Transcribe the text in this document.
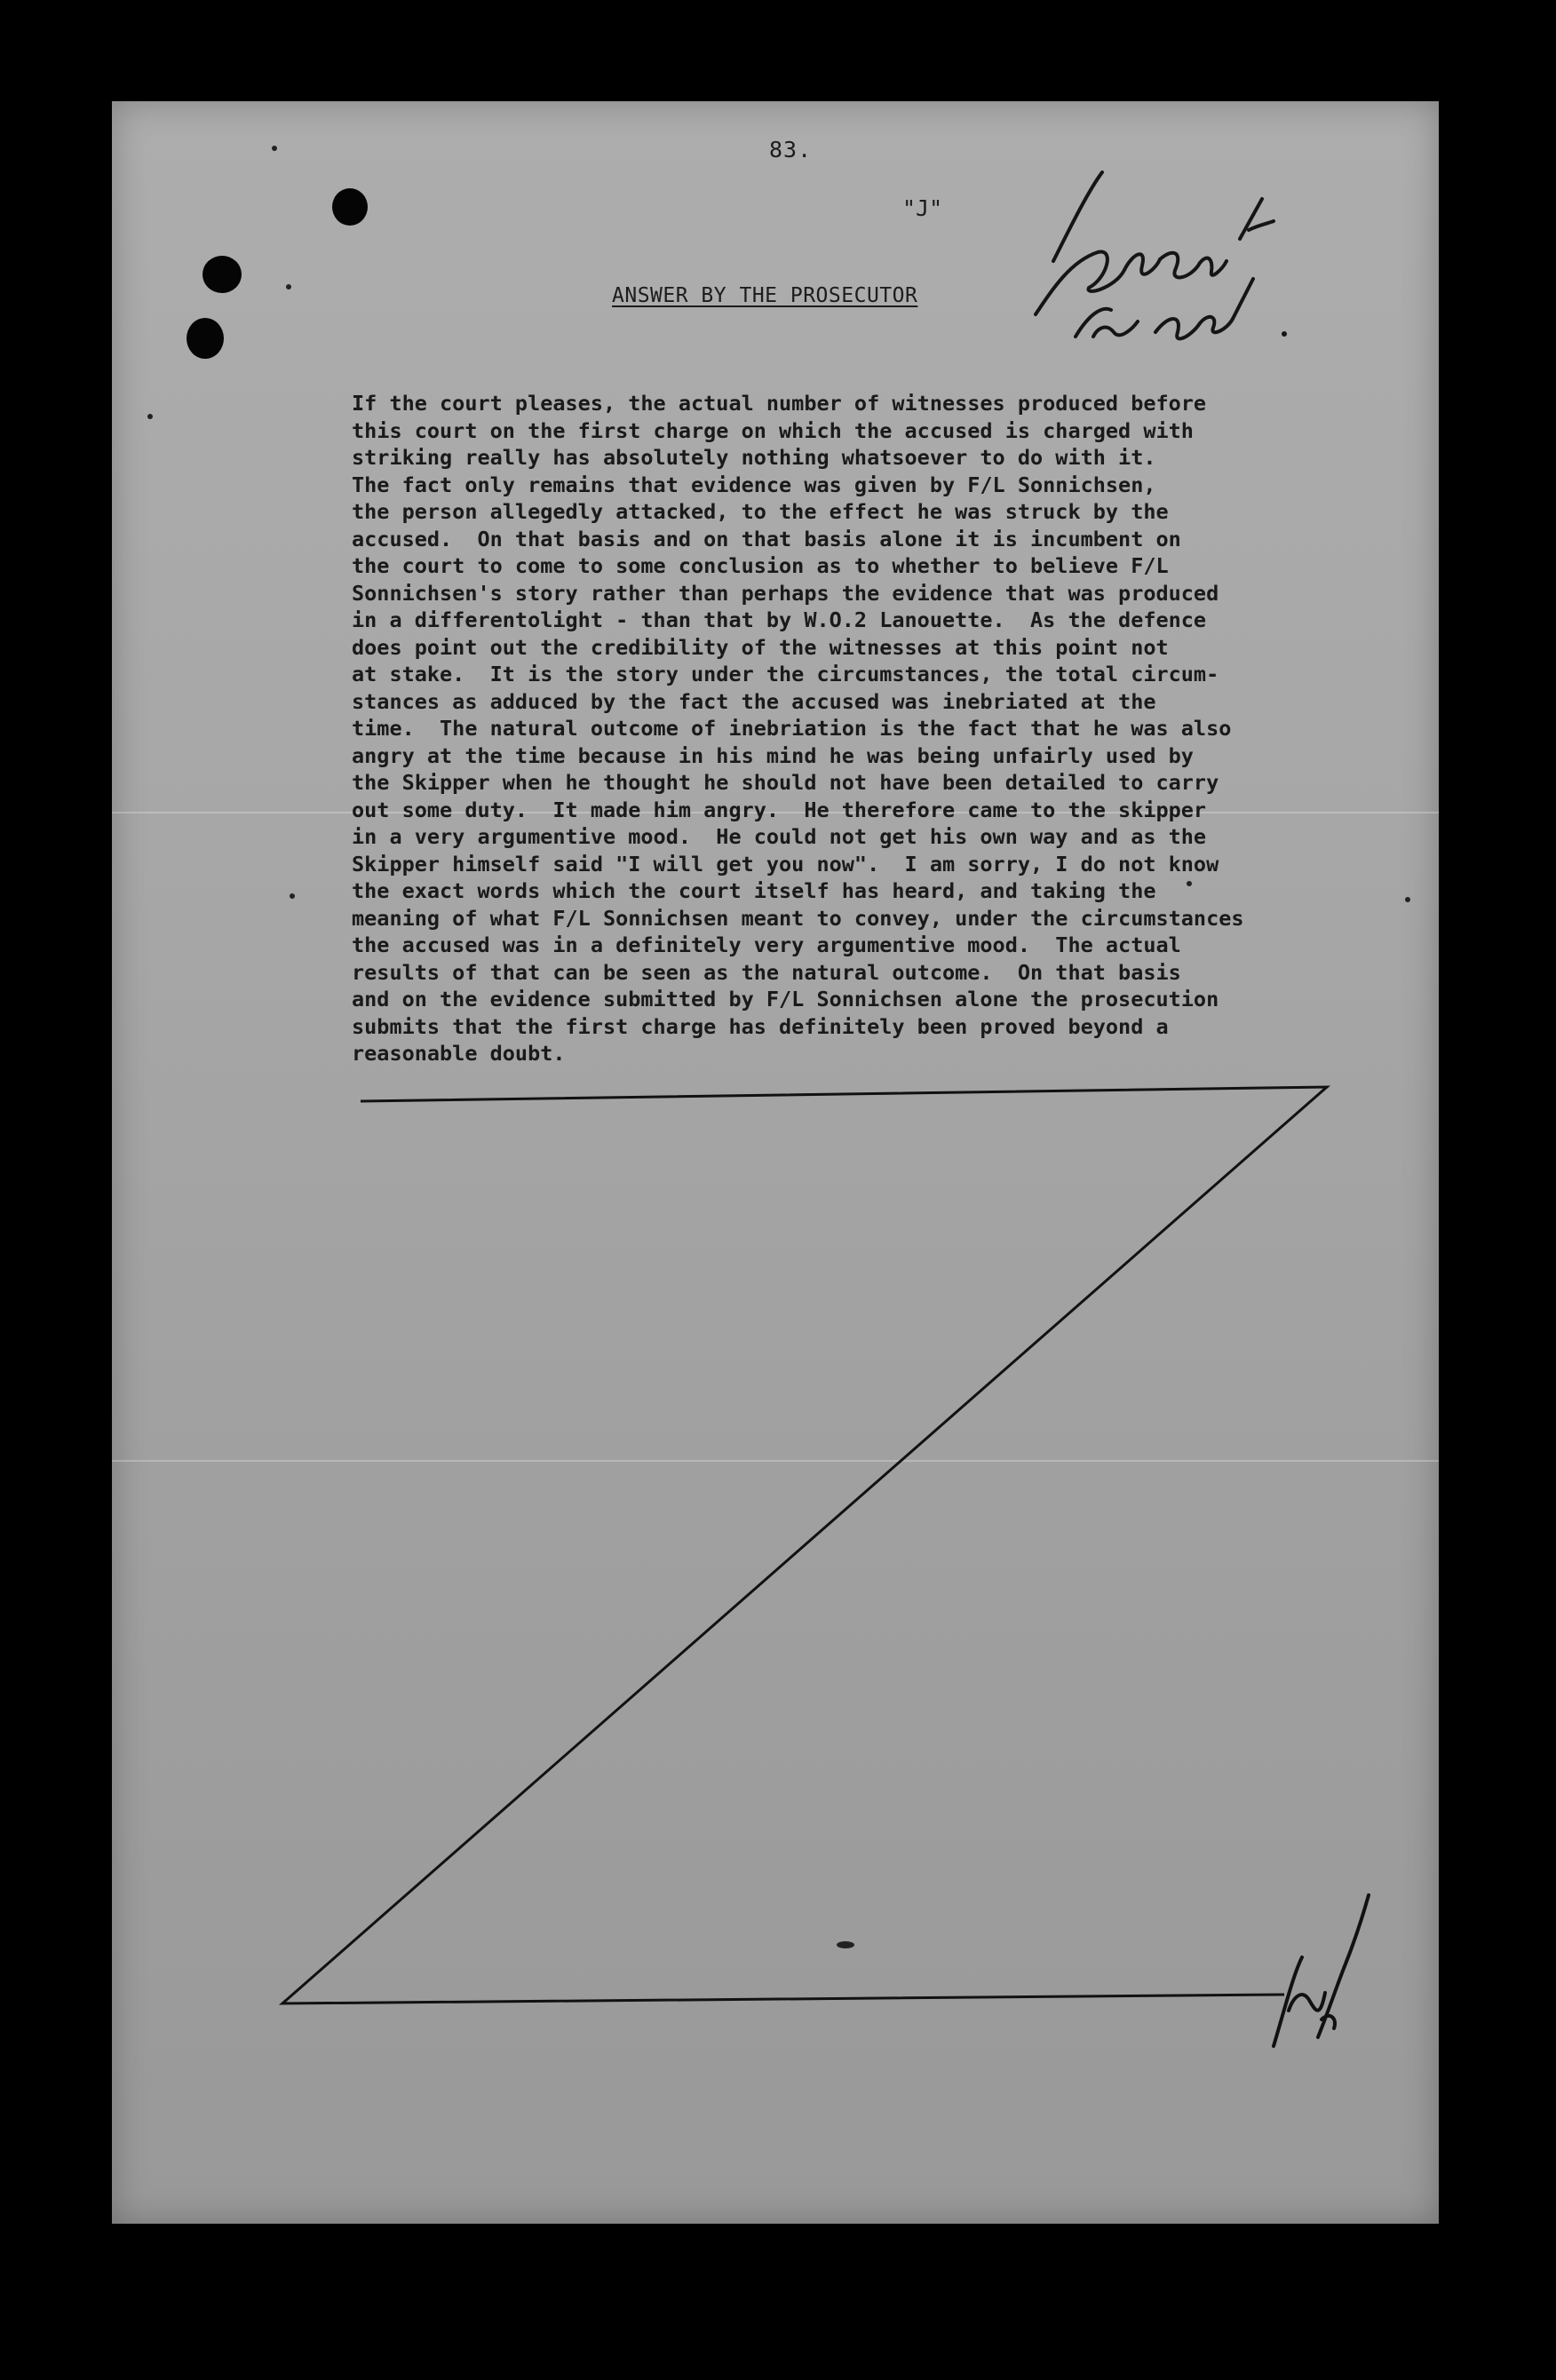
83.
"J"
ANSWER BY THE PROSECUTOR
If the court pleases, the actual number of witnesses produced before
this court on the first charge on which the accused is charged with
striking really has absolutely nothing whatsoever to do with it.
The fact only remains that evidence was given by F/L Sonnichsen,
the person allegedly attacked, to the effect he was struck by the
accused.  On that basis and on that basis alone it is incumbent on
the court to come to some conclusion as to whether to believe F/L
Sonnichsen's story rather than perhaps the evidence that was produced
in a differentolight - than that by W.O.2 Lanouette.  As the defence
does point out the credibility of the witnesses at this point not
at stake.  It is the story under the circumstances, the total circum-
stances as adduced by the fact the accused was inebriated at the
time.  The natural outcome of inebriation is the fact that he was also
angry at the time because in his mind he was being unfairly used by
the Skipper when he thought he should not have been detailed to carry
out some duty.  It made him angry.  He therefore came to the skipper
in a very argumentive mood.  He could not get his own way and as the
Skipper himself said "I will get you now".  I am sorry, I do not know
the exact words which the court itself has heard, and taking the
meaning of what F/L Sonnichsen meant to convey, under the circumstances
the accused was in a definitely very argumentive mood.  The actual
results of that can be seen as the natural outcome.  On that basis
and on the evidence submitted by F/L Sonnichsen alone the prosecution
submits that the first charge has definitely been proved beyond a
reasonable doubt.
